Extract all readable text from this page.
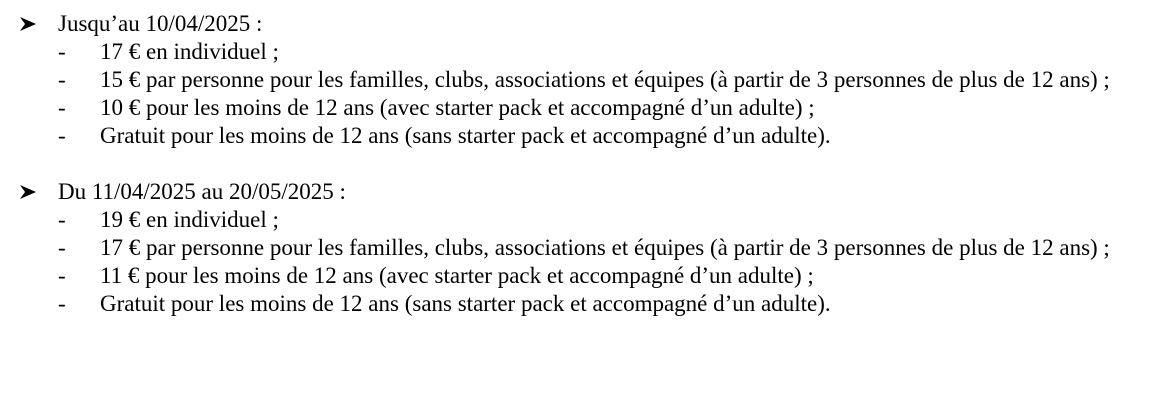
Jusqu’au 10/04/2025 :
- 17 € en individuel ;
- 15 € par personne pour les familles, clubs, associations et équipes (à partir de 3 personnes de plus de 12 ans) ;
- 10 € pour les moins de 12 ans (avec starter pack et accompagné d’un adulte) ;
- Gratuit pour les moins de 12 ans (sans starter pack et accompagné d’un adulte).
Du 11/04/2025 au 20/05/2025 :
- 19 € en individuel ;
- 17 € par personne pour les familles, clubs, associations et équipes (à partir de 3 personnes de plus de 12 ans) ;
- 11 € pour les moins de 12 ans (avec starter pack et accompagné d’un adulte) ;
- Gratuit pour les moins de 12 ans (sans starter pack et accompagné d’un adulte).
